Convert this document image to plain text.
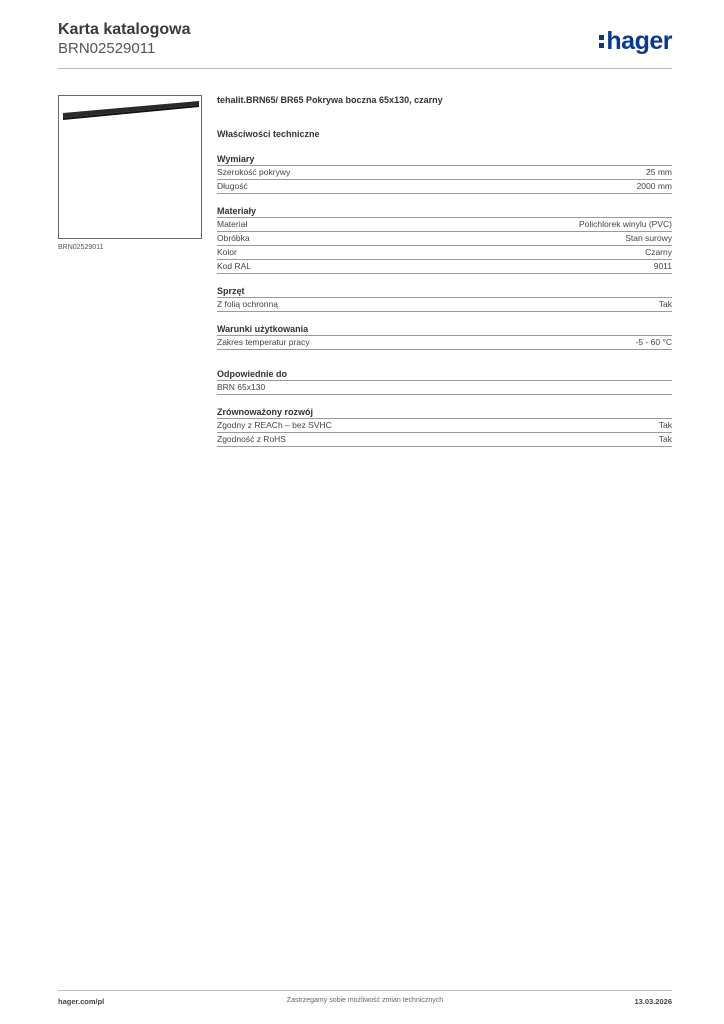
Karta katalogowa
BRN02529011	hager
BRN02529011
tehalit.BRN65/ BR65 Pokrywa boczna 65x130, czarny
Właściwości techniczne
Wymiary
Szerokość pokrywy	25 mm
Długość	2000 mm
Materiały
Materiał	Polichlorek winylu (PVC)
Obróbka	Stan surowy
Kolor	Czarny
Kod RAL	9011
Sprzęt
Z folią ochronną	Tak
Warunki użytkowania
Zakres temperatur pracy	-5 - 60 °C
Odpowiednie do
BRN 65x130
Zrównoważony rozwój
Zgodny z REACh – bez SVHC	Tak
Zgodność z RoHS	Tak
hager.com/pl	Zastrzegamy sobie możliwość zmian technicznych	13.03.2026
